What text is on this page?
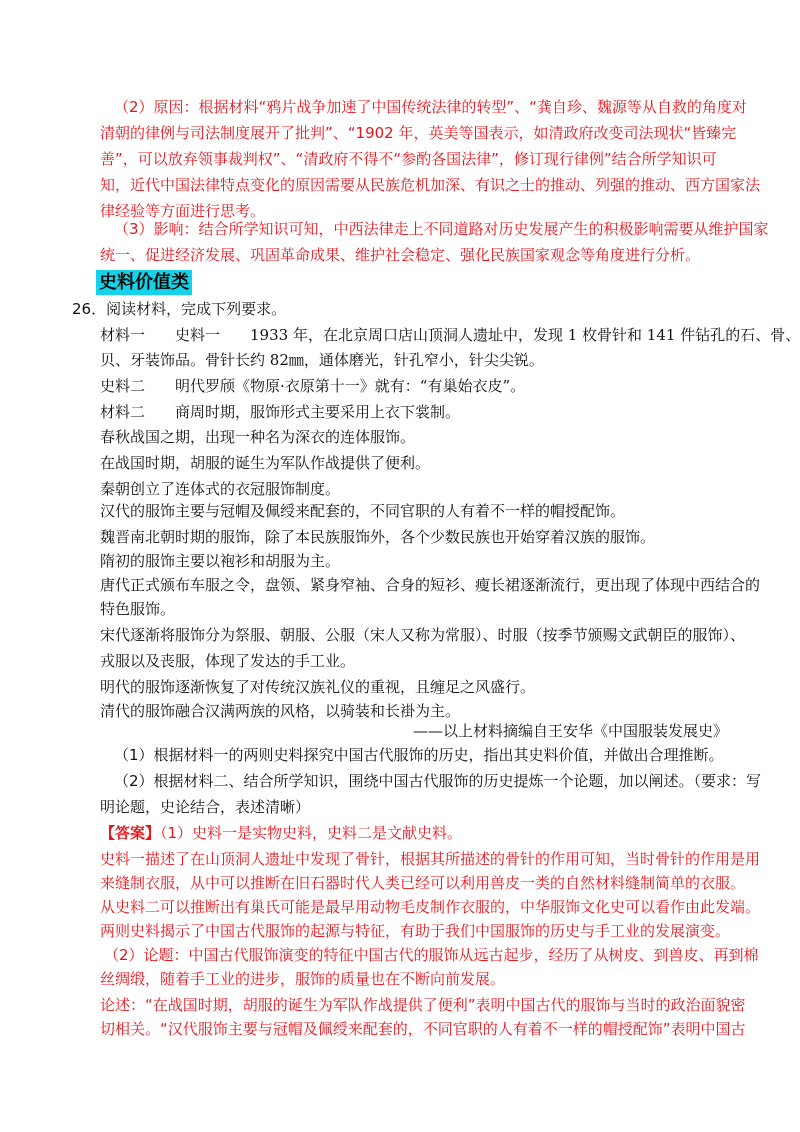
（2）原因：根据材料“鸦片战争加速了中国传统法律的转型”、“龚自珍、魏源等从自救的角度对
清朝的律例与司法制度展开了批判”、“1902 年，英美等国表示，如清政府改变司法现状“皆臻完
善”，可以放弃领事裁判权”、“清政府不得不“参酌各国法律”，修订现行律例”结合所学知识可
知，近代中国法律特点变化的原因需要从民族危机加深、有识之士的推动、列强的推动、西方国家法
律经验等方面进行思考。
（3）影响：结合所学知识可知，中西法律走上不同道路对历史发展产生的积极影响需要从维护国家
统一、促进经济发展、巩固革命成果、维护社会稳定、强化民族国家观念等角度进行分析。
史料价值类
26．阅读材料，完成下列要求。
材料一　　史料一　　1933 年，在北京周口店山顶洞人遗址中，发现 1 枚骨针和 141 件钻孔的石、骨、
贝、牙装饰品。骨针长约 82㎜，通体磨光，针孔窄小，针尖尖锐。
史料二　　明代罗颀《物原·衣原第十一》就有：“有巢始衣皮”。
材料二　　商周时期，服饰形式主要采用上衣下裳制。
春秋战国之期，出现一种名为深衣的连体服饰。
在战国时期，胡服的诞生为军队作战提供了便利。
秦朝创立了连体式的衣冠服饰制度。
汉代的服饰主要与冠帽及佩绶来配套的，不同官职的人有着不一样的帽授配饰。
魏晋南北朝时期的服饰，除了本民族服饰外，各个少数民族也开始穿着汉族的服饰。
隋初的服饰主要以袍衫和胡服为主。
唐代正式颁布车服之令，盘领、紧身窄袖、合身的短衫、瘦长裙逐渐流行，更出现了体现中西结合的
特色服饰。
宋代逐渐将服饰分为祭服、朝服、公服（宋人又称为常服）、时服（按季节颁赐文武朝臣的服饰）、
戎服以及丧服，体现了发达的手工业。
明代的服饰逐渐恢复了对传统汉族礼仪的重视，且缠足之风盛行。
清代的服饰融合汉满两族的风格，以骑装和长褂为主。
——以上材料摘编自王安华《中国服装发展史》
（1）根据材料一的两则史料探究中国古代服饰的历史，指出其史料价值，并做出合理推断。
（2）根据材料二、结合所学知识，围绕中国古代服饰的历史提炼一个论题，加以阐述。（要求：写
明论题，史论结合，表述清晰）
【答案】（1）史料一是实物史料，史料二是文献史料。
史料一描述了在山顶洞人遗址中发现了骨针，根据其所描述的骨针的作用可知，当时骨针的作用是用
来缝制衣服，从中可以推断在旧石器时代人类已经可以利用兽皮一类的自然材料缝制简单的衣服。
从史料二可以推断出有巢氏可能是最早用动物毛皮制作衣服的，中华服饰文化史可以看作由此发端。
两则史料揭示了中国古代服饰的起源与特征，有助于我们中国服饰的历史与手工业的发展演变。
（2）论题：中国古代服饰演变的特征中国古代的服饰从远古起步，经历了从树皮、到兽皮、再到棉
丝绸缎，随着手工业的进步，服饰的质量也在不断向前发展。
论述：“在战国时期，胡服的诞生为军队作战提供了便利”表明中国古代的服饰与当时的政治面貌密
切相关。“汉代服饰主要与冠帽及佩绶来配套的，不同官职的人有着不一样的帽授配饰”表明中国古
